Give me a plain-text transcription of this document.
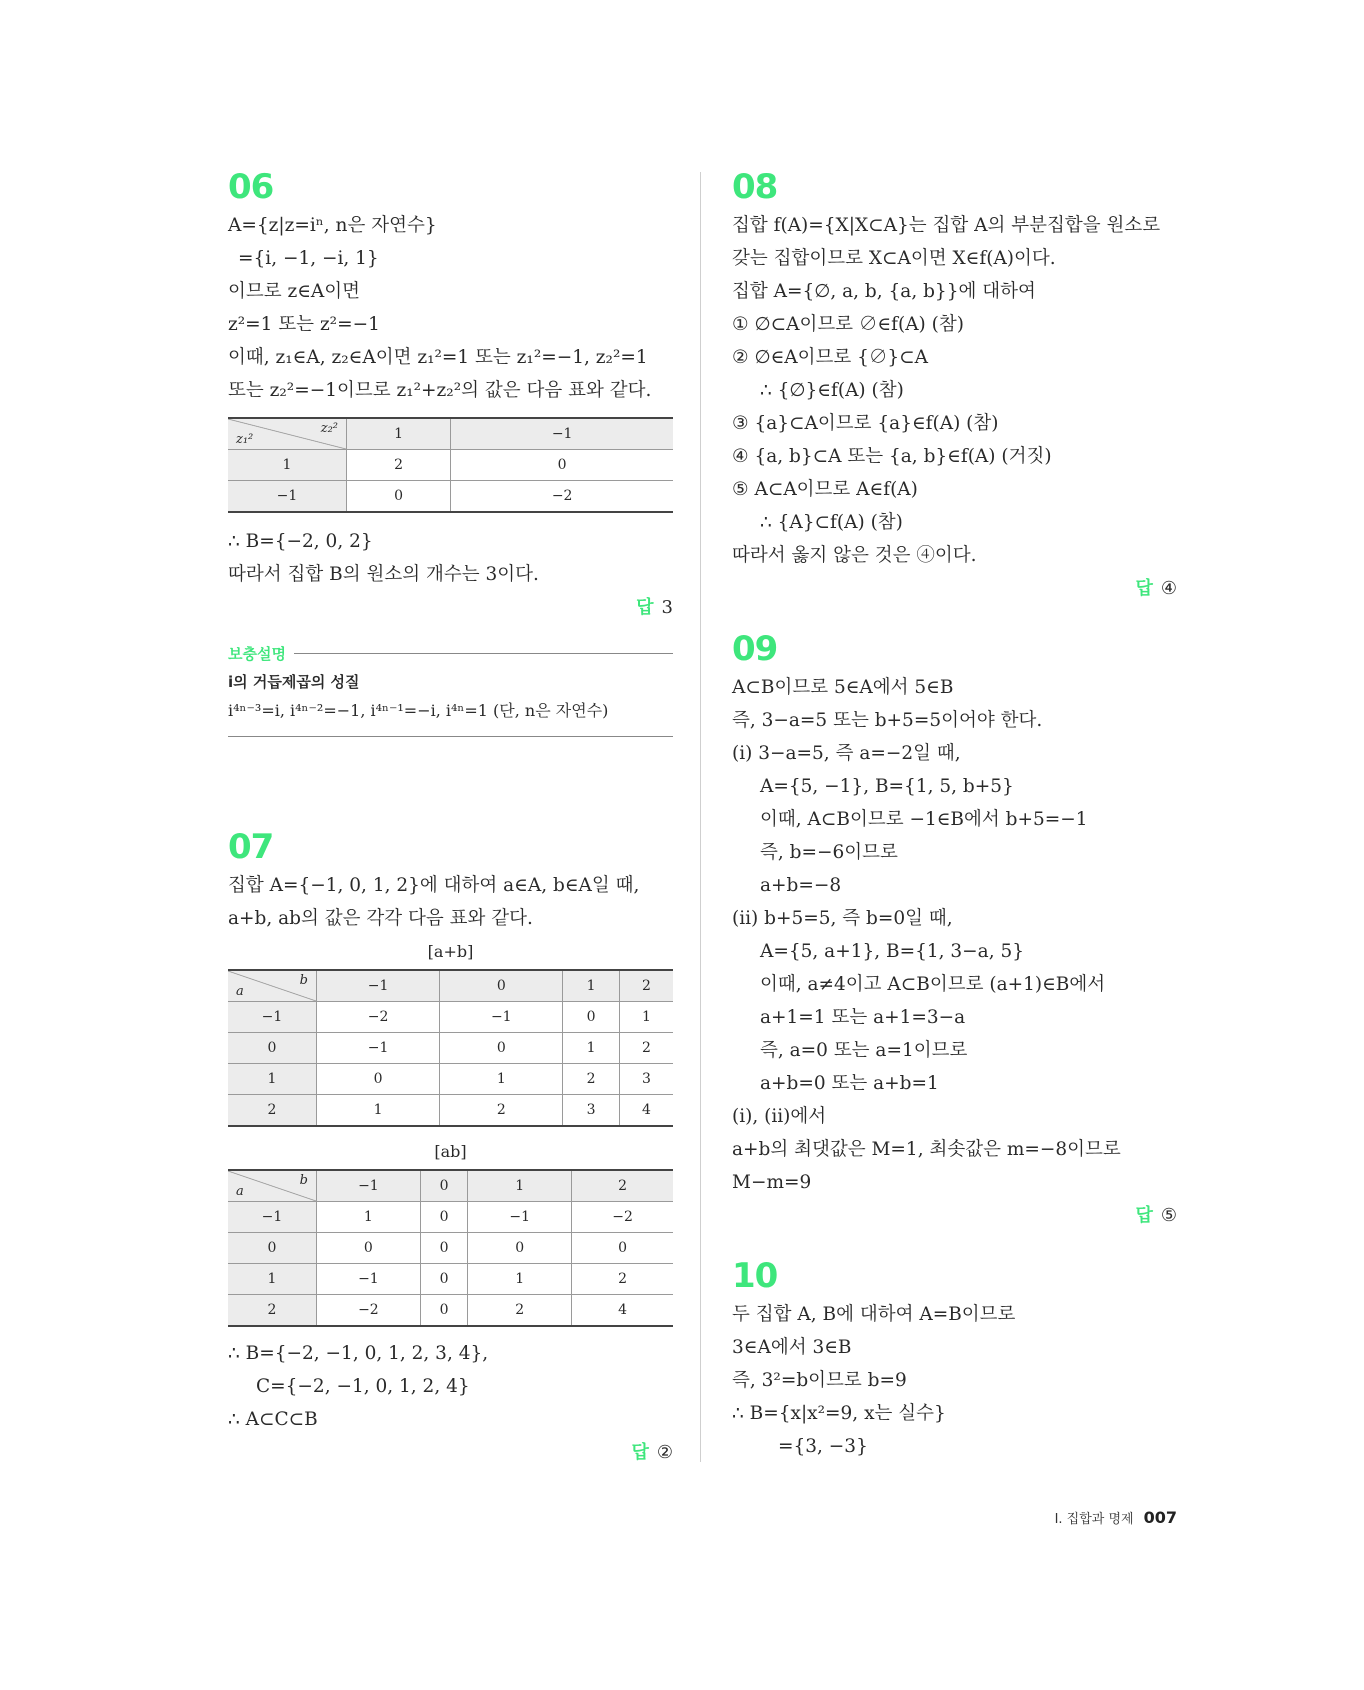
06
A={z|z=iⁿ, n은 자연수}
={i, −1, −i, 1}
이므로 z∈A이면
z²=1 또는 z²=−1
이때, z₁∈A, z₂∈A이면 z₁²=1 또는 z₁²=−1, z₂²=1
또는 z₂²=−1이므로 z₁²+z₂²의 값은 다음 표와 같다.
z₂²
z₁²	1	−1
1	2	0
−1	0	−2
∴ B={−2, 0, 2}
따라서 집합 B의 원소의 개수는 3이다.
답 3
보충설명
i의 거듭제곱의 성질
i⁴ⁿ⁻³=i, i⁴ⁿ⁻²=−1, i⁴ⁿ⁻¹=−i, i⁴ⁿ=1 (단, n은 자연수)
07
집합 A={−1, 0, 1, 2}에 대하여 a∈A, b∈A일 때,
a+b, ab의 값은 각각 다음 표와 같다.
[a+b]
b
a	−1	0	1	2
−1	−2	−1	0	1
0	−1	0	1	2
1	0	1	2	3
2	1	2	3	4
[ab]
b
a	−1	0	1	2
−1	1	0	−1	−2
0	0	0	0	0
1	−1	0	1	2
2	−2	0	2	4
∴ B={−2, −1, 0, 1, 2, 3, 4},
C={−2, −1, 0, 1, 2, 4}
∴ A⊂C⊂B
답 ②
08
집합 f(A)={X|X⊂A}는 집합 A의 부분집합을 원소로
갖는 집합이므로 X⊂A이면 X∈f(A)이다.
집합 A={∅, a, b, {a, b}}에 대하여
① ∅⊂A이므로 ∅∈f(A) (참)
② ∅∈A이므로 {∅}⊂A
∴ {∅}∈f(A) (참)
③ {a}⊂A이므로 {a}∈f(A) (참)
④ {a, b}⊂A 또는 {a, b}∈f(A) (거짓)
⑤ A⊂A이므로 A∈f(A)
∴ {A}⊂f(A) (참)
따라서 옳지 않은 것은 ④이다.
답 ④
09
A⊂B이므로 5∈A에서 5∈B
즉, 3−a=5 또는 b+5=5이어야 한다.
(ⅰ) 3−a=5, 즉 a=−2일 때,
A={5, −1}, B={1, 5, b+5}
이때, A⊂B이므로 −1∈B에서 b+5=−1
즉, b=−6이므로
a+b=−8
(ⅱ) b+5=5, 즉 b=0일 때,
A={5, a+1}, B={1, 3−a, 5}
이때, a≠4이고 A⊂B이므로 (a+1)∈B에서
a+1=1 또는 a+1=3−a
즉, a=0 또는 a=1이므로
a+b=0 또는 a+b=1
(ⅰ), (ⅱ)에서
a+b의 최댓값은 M=1, 최솟값은 m=−8이므로
M−m=9
답 ⑤
10
두 집합 A, B에 대하여 A=B이므로
3∈A에서 3∈B
즉, 3²=b이므로 b=9
∴ B={x|x²=9, x는 실수}
={3, −3}
Ⅰ. 집합과 명제 007
